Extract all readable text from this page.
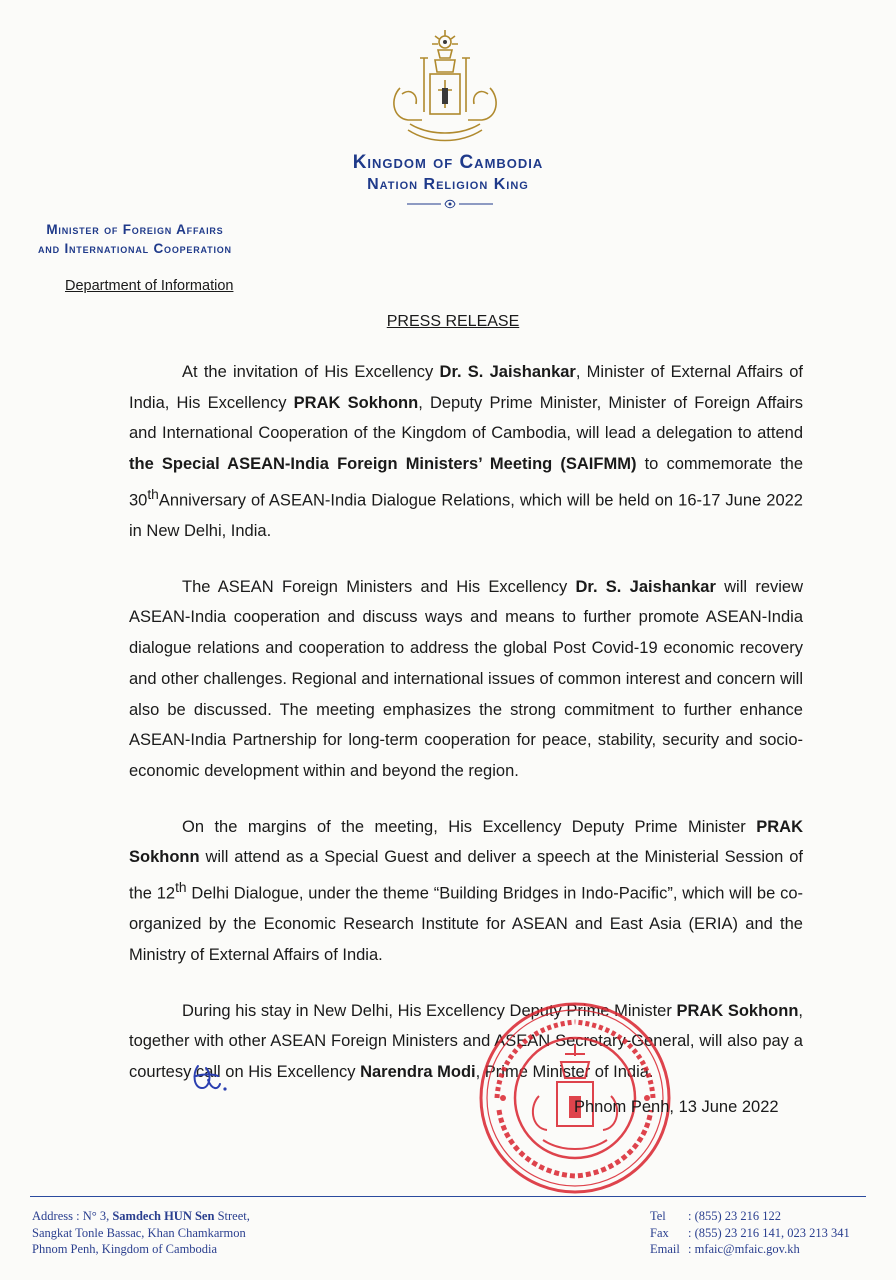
Kingdom of Cambodia
Nation Religion King
Minister of Foreign Affairs
and International Cooperation
Department of Information
PRESS RELEASE

At the invitation of His Excellency Dr. S. Jaishankar, Minister of External Affairs of India, His Excellency PRAK Sokhonn, Deputy Prime Minister, Minister of Foreign Affairs and International Cooperation of the Kingdom of Cambodia, will lead a delegation to attend the Special ASEAN-India Foreign Ministers’ Meeting (SAIFMM) to commemorate the 30thAnniversary of ASEAN-India Dialogue Relations, which will be held on 16-17 June 2022 in New Delhi, India.

The ASEAN Foreign Ministers and His Excellency Dr. S. Jaishankar will review ASEAN-India cooperation and discuss ways and means to further promote ASEAN-India dialogue relations and cooperation to address the global Post Covid-19 economic recovery and other challenges. Regional and international issues of common interest and concern will also be discussed. The meeting emphasizes the strong commitment to further enhance ASEAN-India Partnership for long-term cooperation for peace, stability, security and socio-economic development within and beyond the region.

On the margins of the meeting, His Excellency Deputy Prime Minister PRAK Sokhonn will attend as a Special Guest and deliver a speech at the Ministerial Session of the 12th Delhi Dialogue, under the theme “Building Bridges in Indo-Pacific”, which will be co-organized by the Economic Research Institute for ASEAN and East Asia (ERIA) and the Ministry of External Affairs of India.

During his stay in New Delhi, His Excellency Deputy Prime Minister PRAK Sokhonn, together with other ASEAN Foreign Ministers and ASEAN Secretary-General, will also pay a courtesy call on His Excellency Narendra Modi, Prime Minister of India.

Phnom Penh, 13 June 2022
Address : N° 3, Samdech HUN Sen Street,
Sangkat Tonle Bassac, Khan Chamkarmon
Phnom Penh, Kingdom of Cambodia
Tel : (855) 23 216 122
Fax : (855) 23 216 141, 023 213 341
Email : mfaic@mfaic.gov.kh
